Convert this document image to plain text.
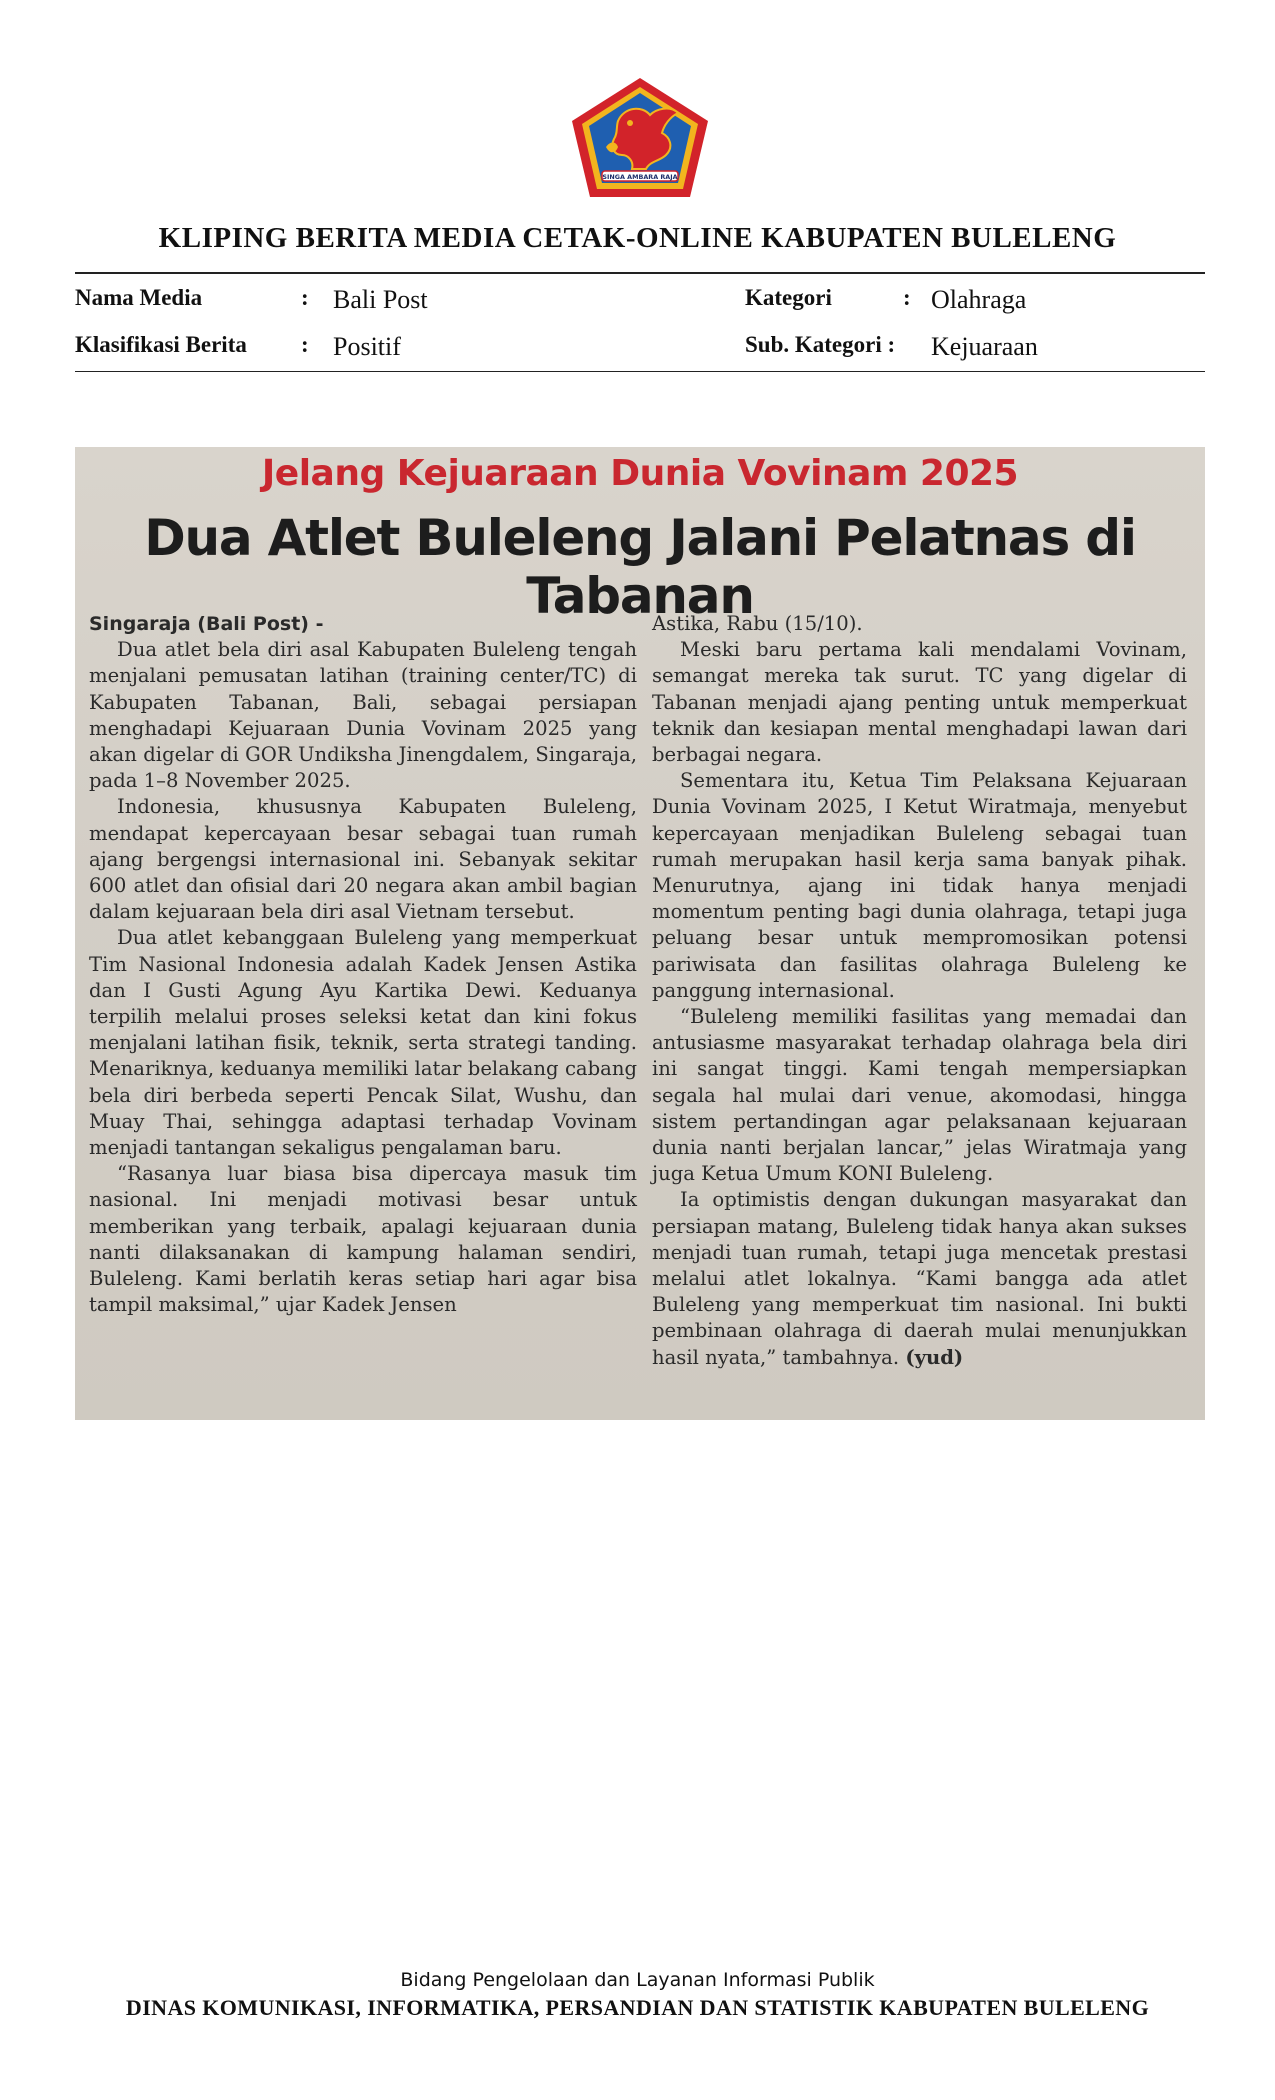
SINGA AMBARA RAJA
KLIPING BERITA MEDIA CETAK-ONLINE KABUPATEN BULELENG
Nama Media	: Bali Post	Kategori	: Olahraga
Klasifikasi Berita : Positif	Sub. Kategori : Kejuaraan
Jelang Kejuaraan Dunia Vovinam 2025
Dua Atlet Buleleng Jalani Pelatnas di Tabanan

Singaraja (Bali Post) -

Dua atlet bela diri asal Kabupaten Buleleng tengah menjalani pemusatan latihan (training center/TC) di Kabupaten Tabanan, Bali, sebagai persiapan menghadapi Kejuaraan Dunia Vovinam 2025 yang akan digelar di GOR Undiksha Jinengdalem, Singaraja, pada 1–8 November 2025.

Indonesia, khususnya Kabupaten Buleleng, mendapat kepercayaan besar sebagai tuan rumah ajang bergengsi internasional ini. Sebanyak sekitar 600 atlet dan ofisial dari 20 negara akan ambil bagian dalam kejuaraan bela diri asal Vietnam tersebut.

Dua atlet kebanggaan Buleleng yang memperkuat Tim Nasional Indonesia adalah Kadek Jensen Astika dan I Gusti Agung Ayu Kartika Dewi. Keduanya terpilih melalui proses seleksi ketat dan kini fokus menjalani latihan fisik, teknik, serta strategi tanding. Menariknya, keduanya memiliki latar belakang cabang bela diri berbeda seperti Pencak Silat, Wushu, dan Muay Thai, sehingga adaptasi terhadap Vovinam menjadi tantangan sekaligus pengalaman baru.

“Rasanya luar biasa bisa dipercaya masuk tim nasional. Ini menjadi motivasi besar untuk memberikan yang terbaik, apalagi kejuaraan dunia nanti dilaksanakan di kampung halaman sendiri, Buleleng. Kami berlatih keras setiap hari agar bisa tampil maksimal,” ujar Kadek Jensen

Astika, Rabu (15/10).

Meski baru pertama kali mendalami Vovinam, semangat mereka tak surut. TC yang digelar di Tabanan menjadi ajang penting untuk memperkuat teknik dan kesiapan mental menghadapi lawan dari berbagai negara.

Sementara itu, Ketua Tim Pelaksana Kejuaraan Dunia Vovinam 2025, I Ketut Wiratmaja, menyebut kepercayaan menjadikan Buleleng sebagai tuan rumah merupakan hasil kerja sama banyak pihak. Menurutnya, ajang ini tidak hanya menjadi momentum penting bagi dunia olahraga, tetapi juga peluang besar untuk mempromosikan potensi pariwisata dan fasilitas olahraga Buleleng ke panggung internasional.

“Buleleng memiliki fasilitas yang memadai dan antusiasme masyarakat terhadap olahraga bela diri ini sangat tinggi. Kami tengah mempersiapkan segala hal mulai dari venue, akomodasi, hingga sistem pertandingan agar pelaksanaan kejuaraan dunia nanti berjalan lancar,” jelas Wiratmaja yang juga Ketua Umum KONI Buleleng.

Ia optimistis dengan dukungan masyarakat dan persiapan matang, Buleleng tidak hanya akan sukses menjadi tuan rumah, tetapi juga mencetak prestasi melalui atlet lokalnya. “Kami bangga ada atlet Buleleng yang memperkuat tim nasional. Ini bukti pembinaan olahraga di daerah mulai menunjukkan hasil nyata,” tambahnya. (yud)

Bidang Pengelolaan dan Layanan Informasi Publik
DINAS KOMUNIKASI, INFORMATIKA, PERSANDIAN DAN STATISTIK KABUPATEN BULELENG
